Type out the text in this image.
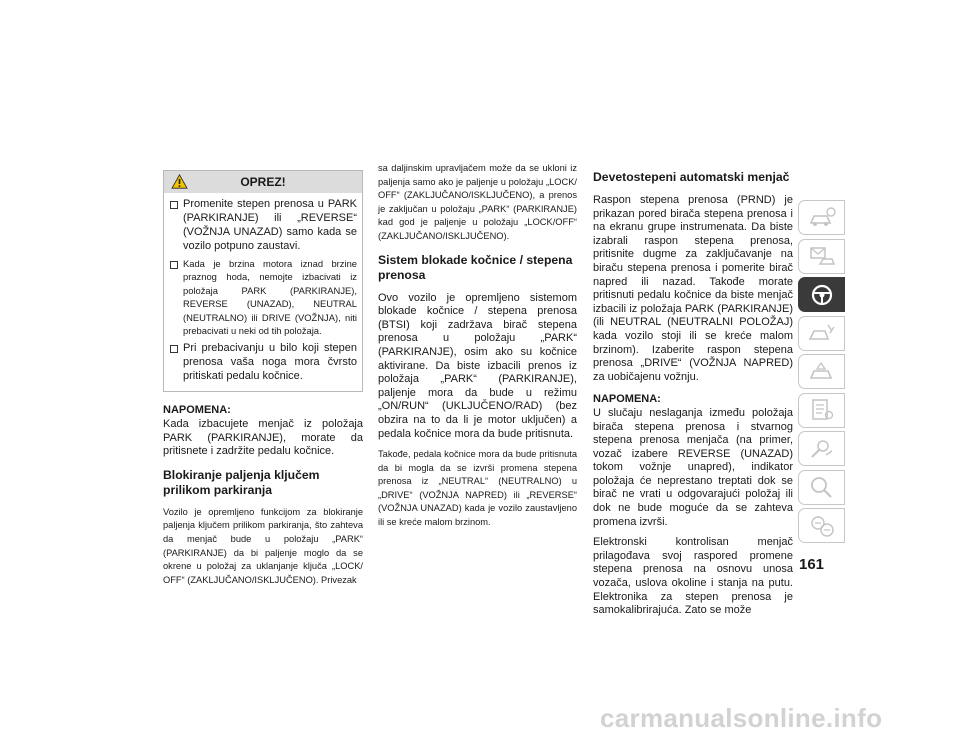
OPREZ!

Promenite stepen prenosa u PARK (PARKIRANJE) ili „REVERSE“ (VOŽNJA UNAZAD) samo kada se vozilo potpuno zaustavi.

Kada je brzina motora iznad brzine praznog hoda, nemojte izbacivati iz položaja PARK (PARKIRANJE), REVERSE (UNAZAD), NEUTRAL (NEUTRALNO) ili DRIVE (VOŽNJA), niti prebacivati u neki od tih položaja.

Pri prebacivanju u bilo koji stepen prenosa vaša noga mora čvrsto pritiskati pedalu kočnice.

NAPOMENA:

Kada izbacujete menjač iz položaja PARK (PARKIRANJE), morate da pritisnete i zadržite pedalu kočnice.

Blokiranje paljenja ključem prilikom parkiranja

Vozilo je opremljeno funkcijom za blokiranje paljenja ključem prilikom parkiranja, što zahteva da menjač bude u položaju „PARK“ (PARKIRANJE) da bi paljenje moglo da se okrene u položaj za uklanjanje ključa „LOCK/ OFF“ (ZAKLJUČANO/ISKLJUČENO). Privezak

sa daljinskim upravljačem može da se ukloni iz paljenja samo ako je paljenje u položaju „LOCK/ OFF“ (ZAKLJUČANO/ISKLJUČENO), a prenos je zaključan u položaju „PARK“ (PARKIRANJE) kad god je paljenje u položaju „LOCK/OFF“ (ZAKLJUČANO/ISKLJUČENO).

Sistem blokade kočnice / stepena prenosa

Ovo vozilo je opremljeno sistemom blokade kočnice / stepena prenosa (BTSI) koji zadržava birač stepena prenosa u položaju „PARK“ (PARKIRANJE), osim ako su kočnice aktivirane. Da biste izbacili prenos iz položaja „PARK“ (PARKIRANJE), paljenje mora da bude u režimu „ON/RUN“ (UKLJUČENO/RAD) (bez obzira na to da li je motor uključen) a pedala kočnice mora da bude pritisnuta.

Takođe, pedala kočnice mora da bude pritisnuta da bi mogla da se izvrši promena stepena prenosa iz „NEUTRAL“ (NEUTRALNO) u „DRIVE“ (VOŽNJA NAPRED) ili „REVERSE“ (VOŽNJA UNAZAD) kada je vozilo zaustavljeno ili se kreće malom brzinom.

Devetostepeni automatski menjač

Raspon stepena prenosa (PRND) je prikazan pored birača stepena prenosa i na ekranu grupe instrumenata. Da biste izabrali raspon stepena prenosa, pritisnite dugme za zaključavanje na biraču stepena prenosa i pomerite birač napred ili nazad. Takođe morate pritisnuti pedalu kočnice da biste menjač izbacili iz položaja PARK (PARKIRANJE) (ili NEUTRAL (NEUTRALNI POLOŽAJ) kada vozilo stoji ili se kreće malom brzinom). Izaberite raspon stepena prenosa „DRIVE“ (VOŽNJA NAPRED) za uobičajenu vožnju.

NAPOMENA:

U slučaju neslaganja između položaja birača stepena prenosa i stvarnog stepena prenosa menjača (na primer, vozač izabere REVERSE (UNAZAD) tokom vožnje unapred), indikator položaja će neprestano treptati dok se birač ne vrati u odgovarajući položaj ili dok ne bude moguće da se zahteva promena izvrši.

Elektronski kontrolisan menjač prilagođava svoj raspored promene stepena prenosa na osnovu unosa vozača, uslova okoline i stanja na putu. Elektronika za stepen prenosa je samokalibrirajuća. Zato se može

161
carmanualsonline.info
